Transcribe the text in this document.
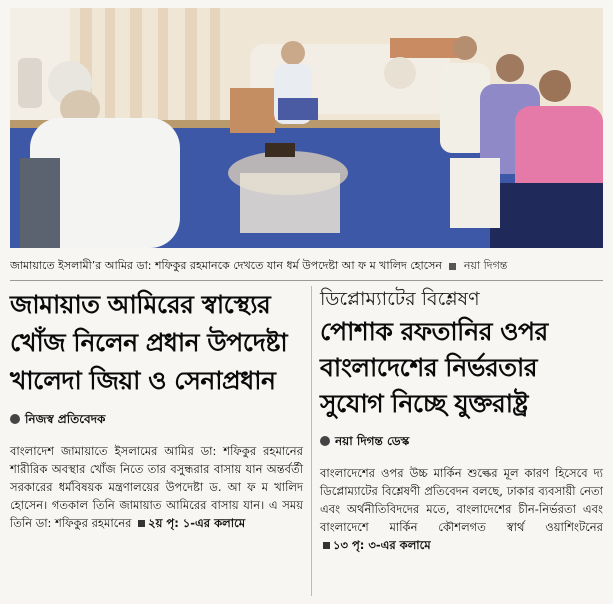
জামায়াতে ইসলামী’র আমির ডা: শফিকুর রহমানকে দেখতে যান ধর্ম উপদেষ্টা আ ফ ম খালিদ হোসেন নয়া দিগন্ত
জামায়াত আমিরের স্বাস্থ্যের
খোঁজ নিলেন প্রধান উপদেষ্টা
খালেদা জিয়া ও সেনাপ্রধান
নিজস্ব প্রতিবেদক
বাংলাদেশ জামায়াতে ইসলামের আমির ডা: শফিকুর রহমানের শারীরিক অবস্থার খোঁজ নিতে তার বসুন্ধরার বাসায় যান অন্তর্বর্তী সরকারের ধর্মবিষয়ক মন্ত্রণালয়ের উপদেষ্টা ড. আ ফ ম খালিদ হোসেন। গতকাল তিনি জামায়াত আমিরের বাসায় যান। এ সময় তিনি ডা: শফিকুর রহমানের ২য় পৃ: ১-এর কলামে
ডিপ্লোম্যাটের বিশ্লেষণ
পোশাক রফতানির ওপর
বাংলাদেশের নির্ভরতার
সুযোগ নিচ্ছে যুক্তরাষ্ট্র
নয়া দিগন্ত ডেস্ক
বাংলাদেশের ওপর উচ্চ মার্কিন শুল্কের মূল কারণ হিসেবে দ্য ডিপ্লোম্যাটের বিশ্লেষণী প্রতিবেদন বলছে, ঢাকার ব্যবসায়ী নেতা এবং অর্থনীতিবিদদের মতে, বাংলাদেশের চীন-নির্ভরতা এবং বাংলাদেশে মার্কিন কৌশলগত স্বার্থ ওয়াশিংটনের ১৩ পৃ: ৩-এর কলামে
